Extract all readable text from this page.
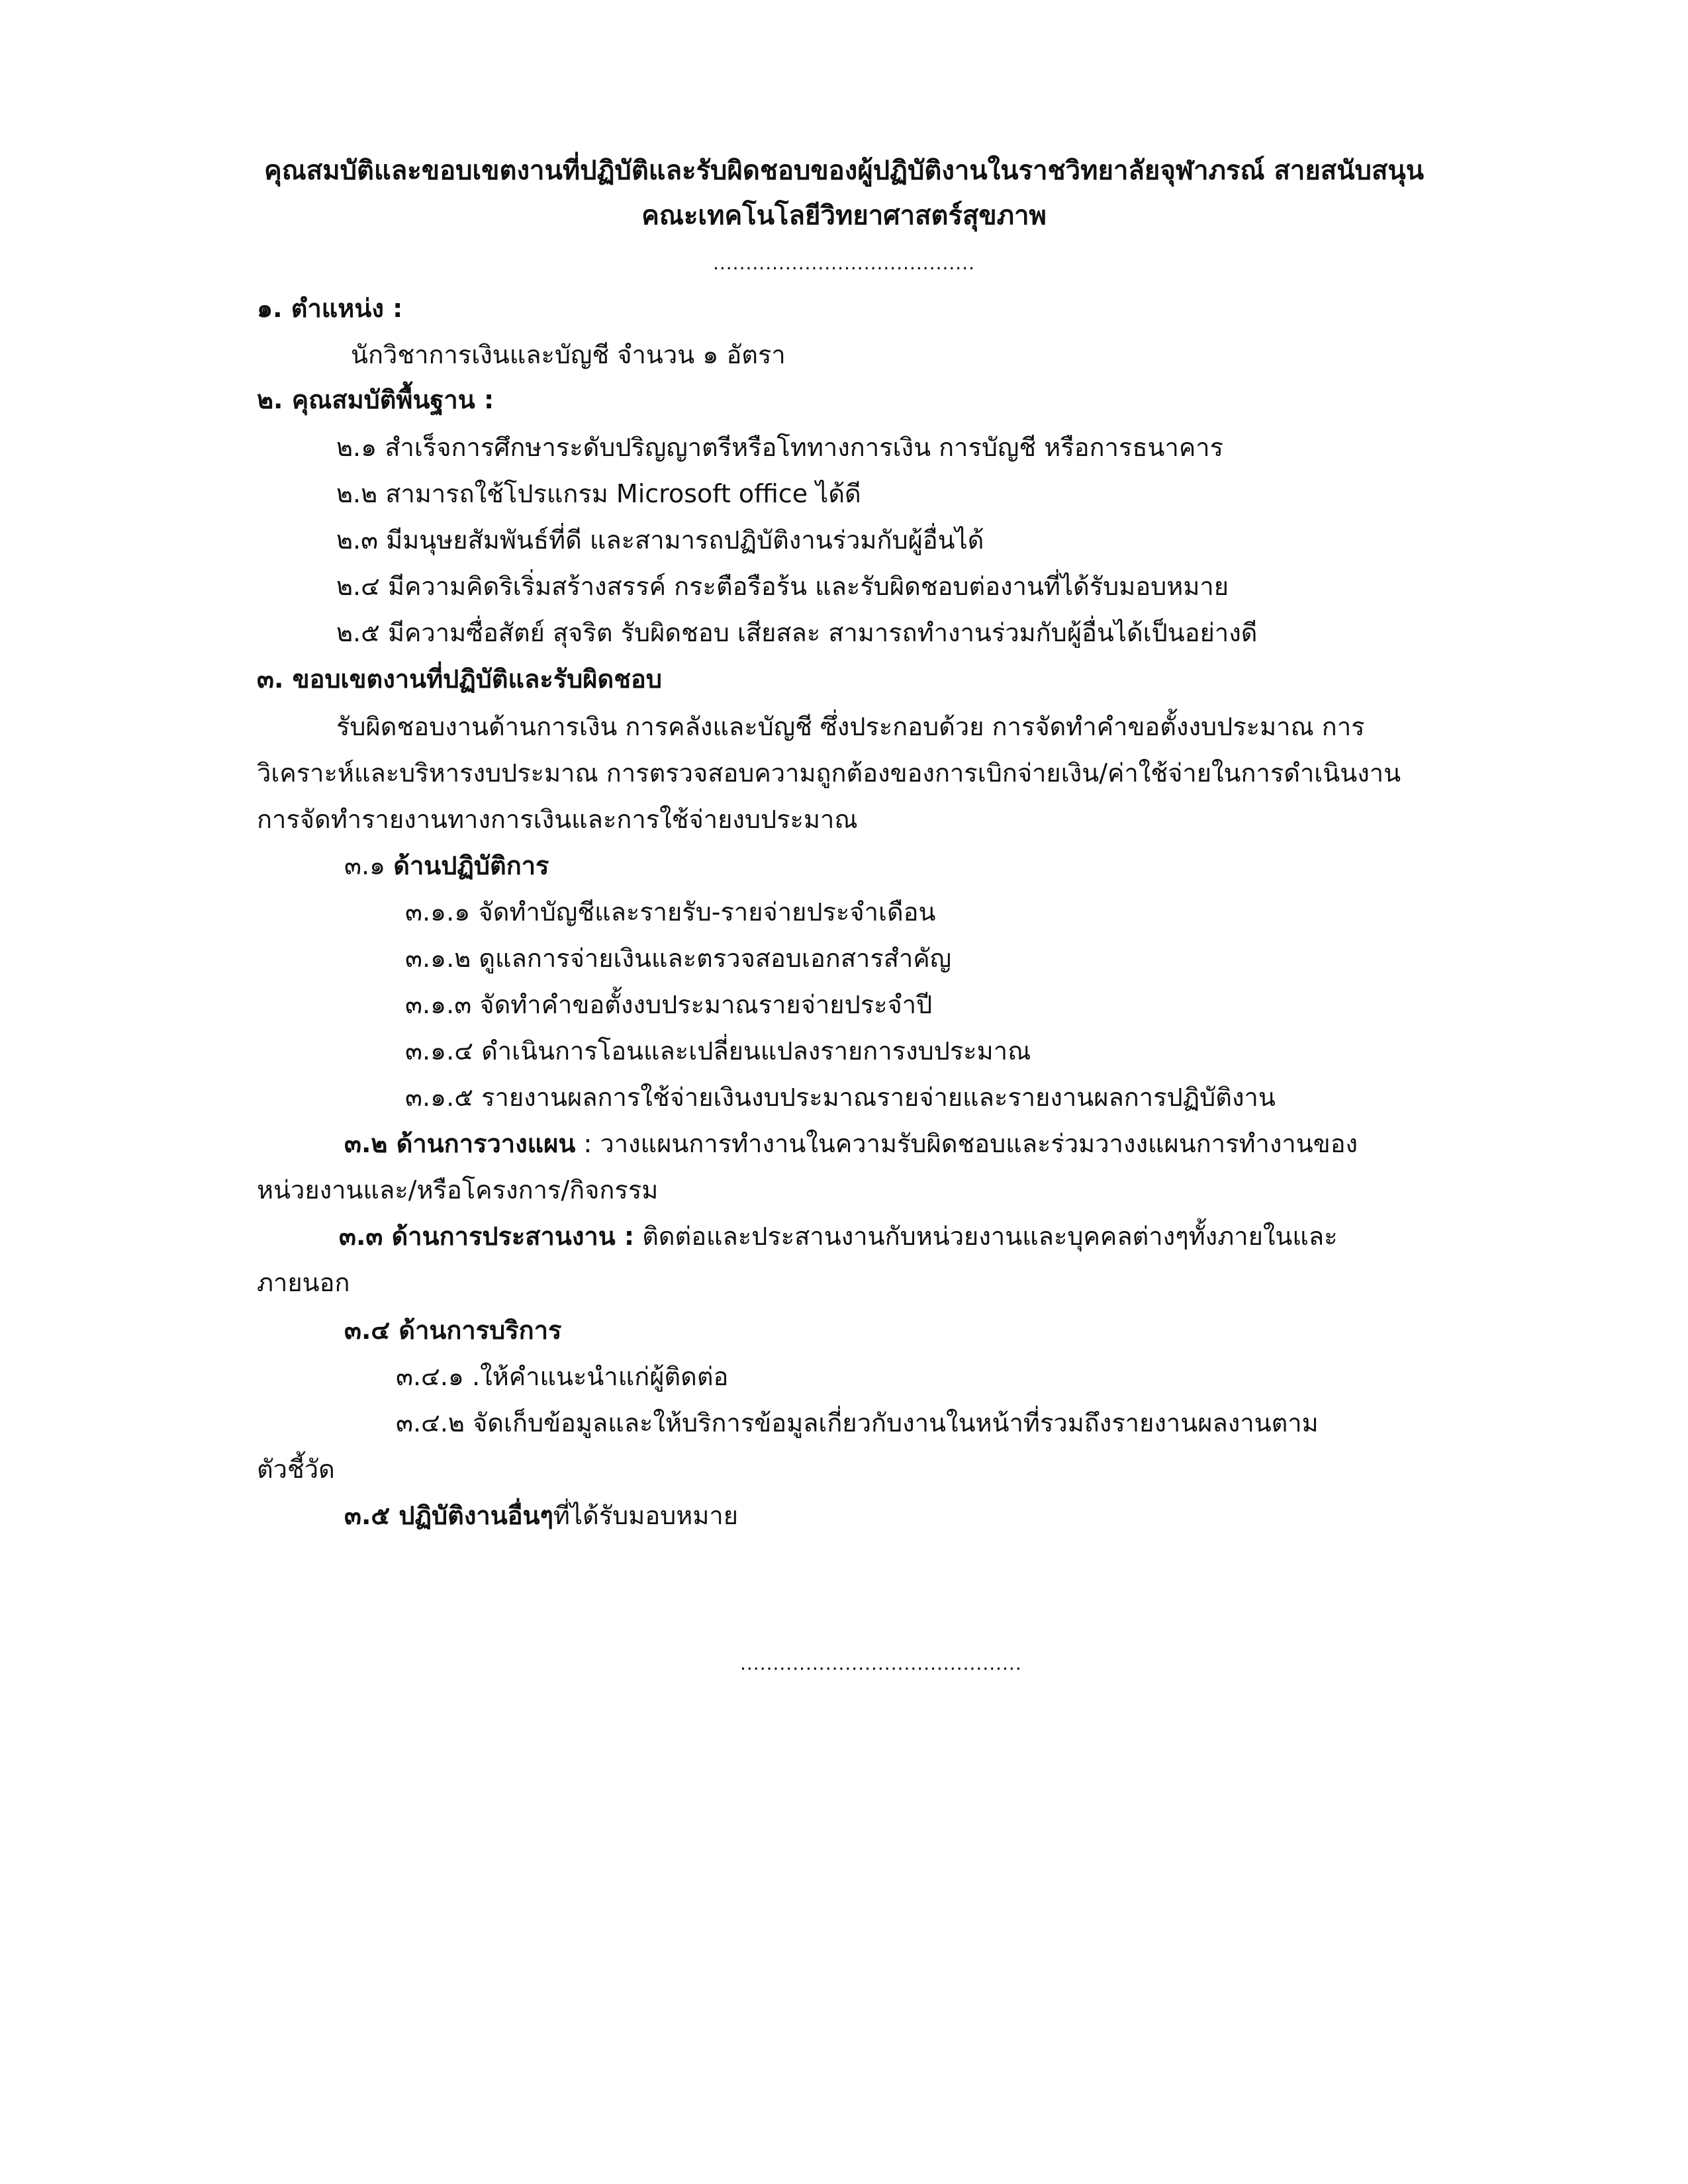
คุณสมบัติและขอบเขตงานที่ปฏิบัติและรับผิดชอบของผู้ปฏิบัติงานในราชวิทยาลัยจุฬาภรณ์ สายสนับสนุน
คณะเทคโนโลยีวิทยาศาสตร์สุขภาพ
........................................
๑. ตำแหน่ง :
นักวิชาการเงินและบัญชี จำนวน ๑ อัตรา
๒. คุณสมบัติพื้นฐาน :
๒.๑ สำเร็จการศึกษาระดับปริญญาตรีหรือโททางการเงิน การบัญชี หรือการธนาคาร
๒.๒ สามารถใช้โปรแกรม Microsoft office ได้ดี
๒.๓ มีมนุษยสัมพันธ์ที่ดี และสามารถปฏิบัติงานร่วมกับผู้อื่นได้
๒.๔ มีความคิดริเริ่มสร้างสรรค์ กระตือรือร้น และรับผิดชอบต่องานที่ได้รับมอบหมาย
๒.๕ มีความซื่อสัตย์ สุจริต รับผิดชอบ เสียสละ สามารถทำงานร่วมกับผู้อื่นได้เป็นอย่างดี
๓. ขอบเขตงานที่ปฏิบัติและรับผิดชอบ
รับผิดชอบงานด้านการเงิน การคลังและบัญชี ซึ่งประกอบด้วย การจัดทำคำขอตั้งงบประมาณ การ
วิเคราะห์และบริหารงบประมาณ การตรวจสอบความถูกต้องของการเบิกจ่ายเงิน/ค่าใช้จ่ายในการดำเนินงาน
การจัดทำรายงานทางการเงินและการใช้จ่ายงบประมาณ
๓.๑ ด้านปฏิบัติการ
๓.๑.๑ จัดทำบัญชีและรายรับ-รายจ่ายประจำเดือน
๓.๑.๒ ดูแลการจ่ายเงินและตรวจสอบเอกสารสำคัญ
๓.๑.๓ จัดทำคำขอตั้งงบประมาณรายจ่ายประจำปี
๓.๑.๔ ดำเนินการโอนและเปลี่ยนแปลงรายการงบประมาณ
๓.๑.๕ รายงานผลการใช้จ่ายเงินงบประมาณรายจ่ายและรายงานผลการปฏิบัติงาน
๓.๒ ด้านการวางแผน : วางแผนการทำงานในความรับผิดชอบและร่วมวางงแผนการทำงานของ
หน่วยงานและ/หรือโครงการ/กิจกรรม
๓.๓ ด้านการประสานงาน : ติดต่อและประสานงานกับหน่วยงานและบุคคลต่างๆทั้งภายในและ
ภายนอก
๓.๔ ด้านการบริการ
๓.๔.๑ .ให้คำแนะนำแก่ผู้ติดต่อ
๓.๔.๒ จัดเก็บข้อมูลและให้บริการข้อมูลเกี่ยวกับงานในหน้าที่รวมถึงรายงานผลงานตาม
ตัวชี้วัด
๓.๕ ปฏิบัติงานอื่นๆที่ได้รับมอบหมาย
...........................................
